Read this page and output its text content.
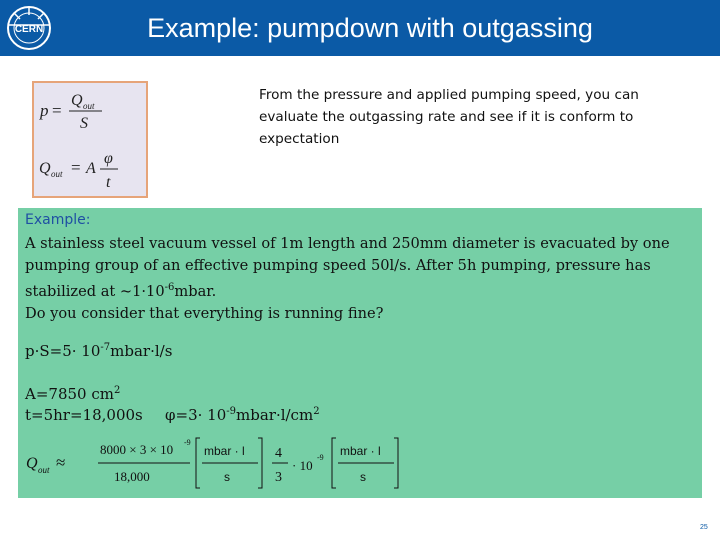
CERN	Example: pumpdown with outgassing
p =
Q out
S
Q out = A
φ
t
From the pressure and applied pumping speed, you can evaluate the outgassing rate and see if it is conform to expectation
Example:
A stainless steel vacuum vessel of 1m length and 250mm diameter is evacuated by one pumping group of an effective pumping speed 50l/s. After 5h pumping, pressure has stabilized at $\sim 1\cdot 10^{-6}mbar$.
Do you consider that everything is running fine?
$p\cdot S=5\cdot 10^{-7}mbar\cdot l/s$
A=7850 $cm^2$
t=5hr=18,000s $\varphi=3\cdot 10^{-9}mbar\cdot l/cm^2$
Q out ≈
8000 × 3 × 10 -9
18,000
mbar · l
s
4
3
· 10
-9 mbar · l
s
25
